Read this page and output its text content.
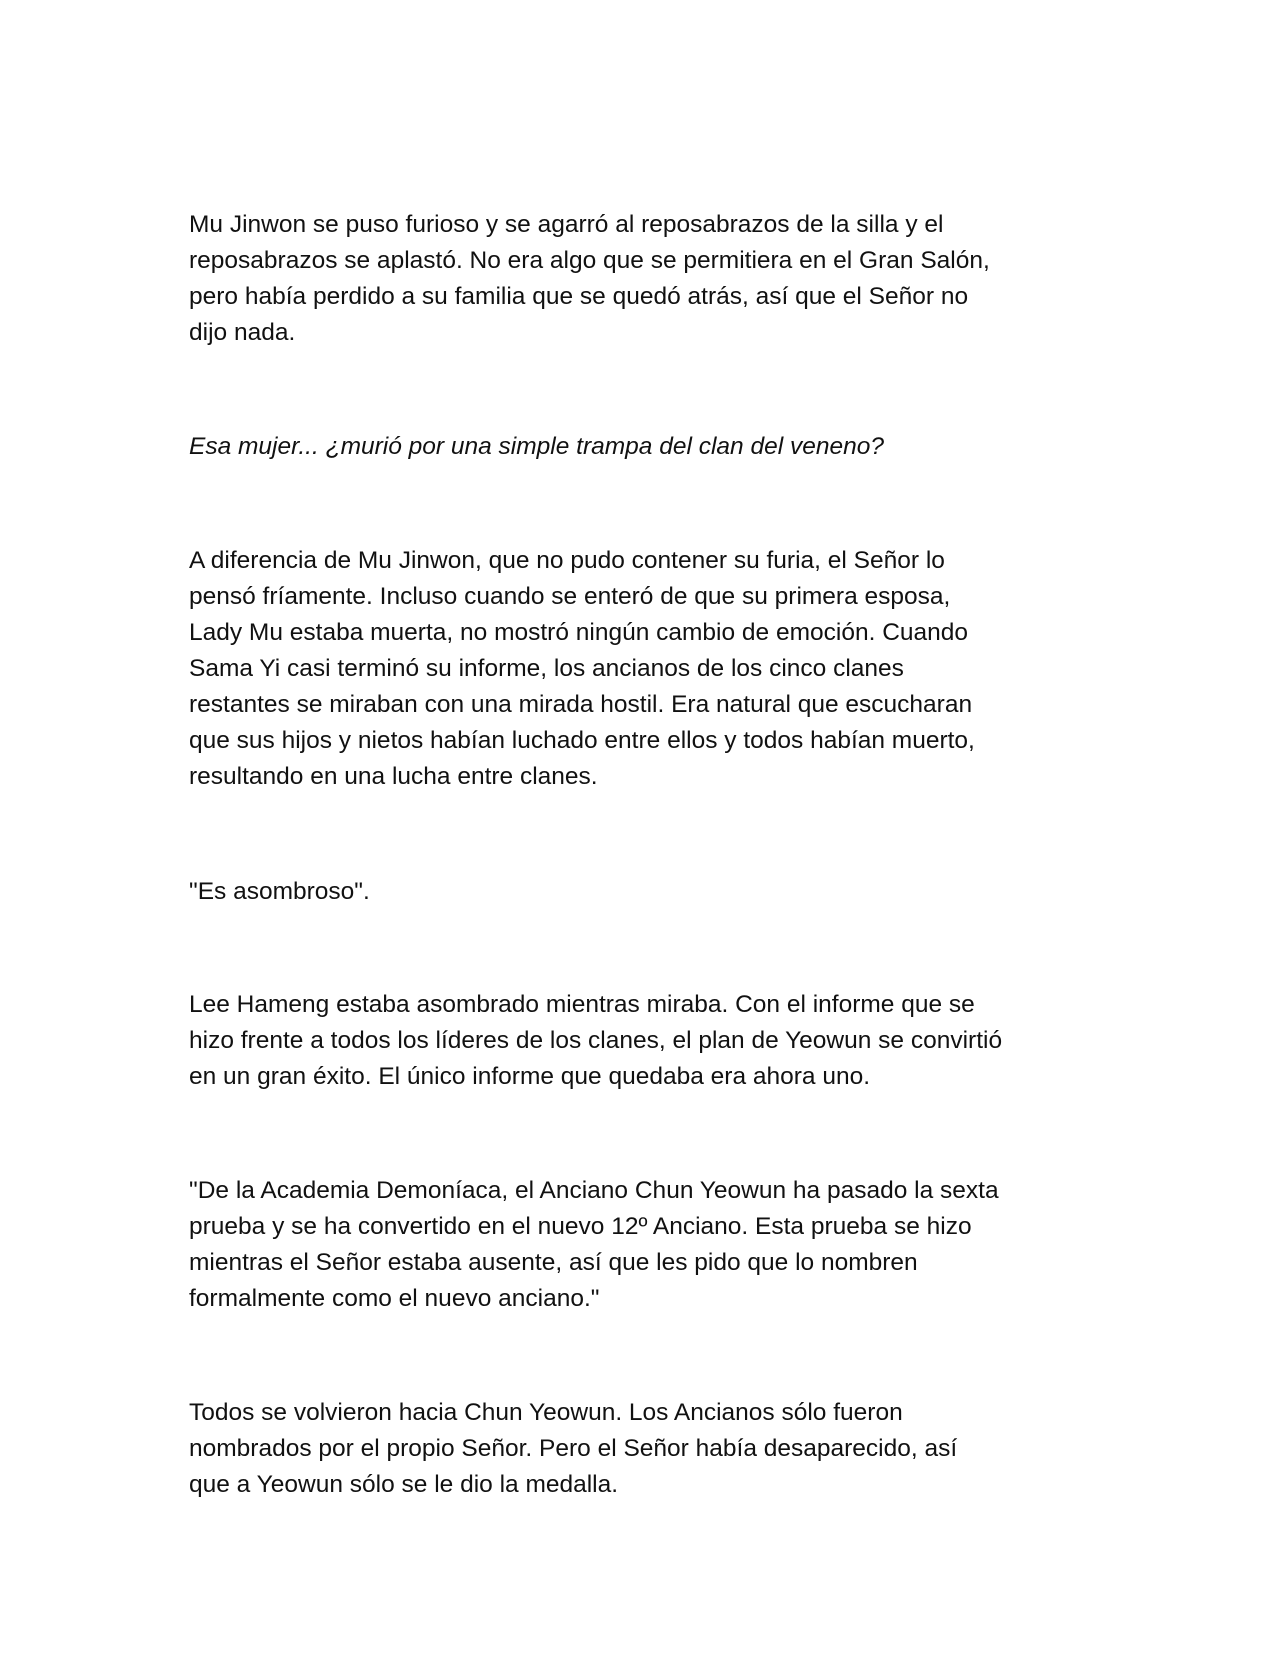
Mu Jinwon se puso furioso y se agarró al reposabrazos de la silla y el
reposabrazos se aplastó. No era algo que se permitiera en el Gran Salón,
pero había perdido a su familia que se quedó atrás, así que el Señor no
dijo nada.

Esa mujer... ¿murió por una simple trampa del clan del veneno?

A diferencia de Mu Jinwon, que no pudo contener su furia, el Señor lo
pensó fríamente. Incluso cuando se enteró de que su primera esposa,
Lady Mu estaba muerta, no mostró ningún cambio de emoción. Cuando
Sama Yi casi terminó su informe, los ancianos de los cinco clanes
restantes se miraban con una mirada hostil. Era natural que escucharan
que sus hijos y nietos habían luchado entre ellos y todos habían muerto,
resultando en una lucha entre clanes.

"Es asombroso".

Lee Hameng estaba asombrado mientras miraba. Con el informe que se
hizo frente a todos los líderes de los clanes, el plan de Yeowun se convirtió
en un gran éxito. El único informe que quedaba era ahora uno.

"De la Academia Demoníaca, el Anciano Chun Yeowun ha pasado la sexta
prueba y se ha convertido en el nuevo 12º Anciano. Esta prueba se hizo
mientras el Señor estaba ausente, así que les pido que lo nombren
formalmente como el nuevo anciano."

Todos se volvieron hacia Chun Yeowun. Los Ancianos sólo fueron
nombrados por el propio Señor. Pero el Señor había desaparecido, así
que a Yeowun sólo se le dio la medalla.
